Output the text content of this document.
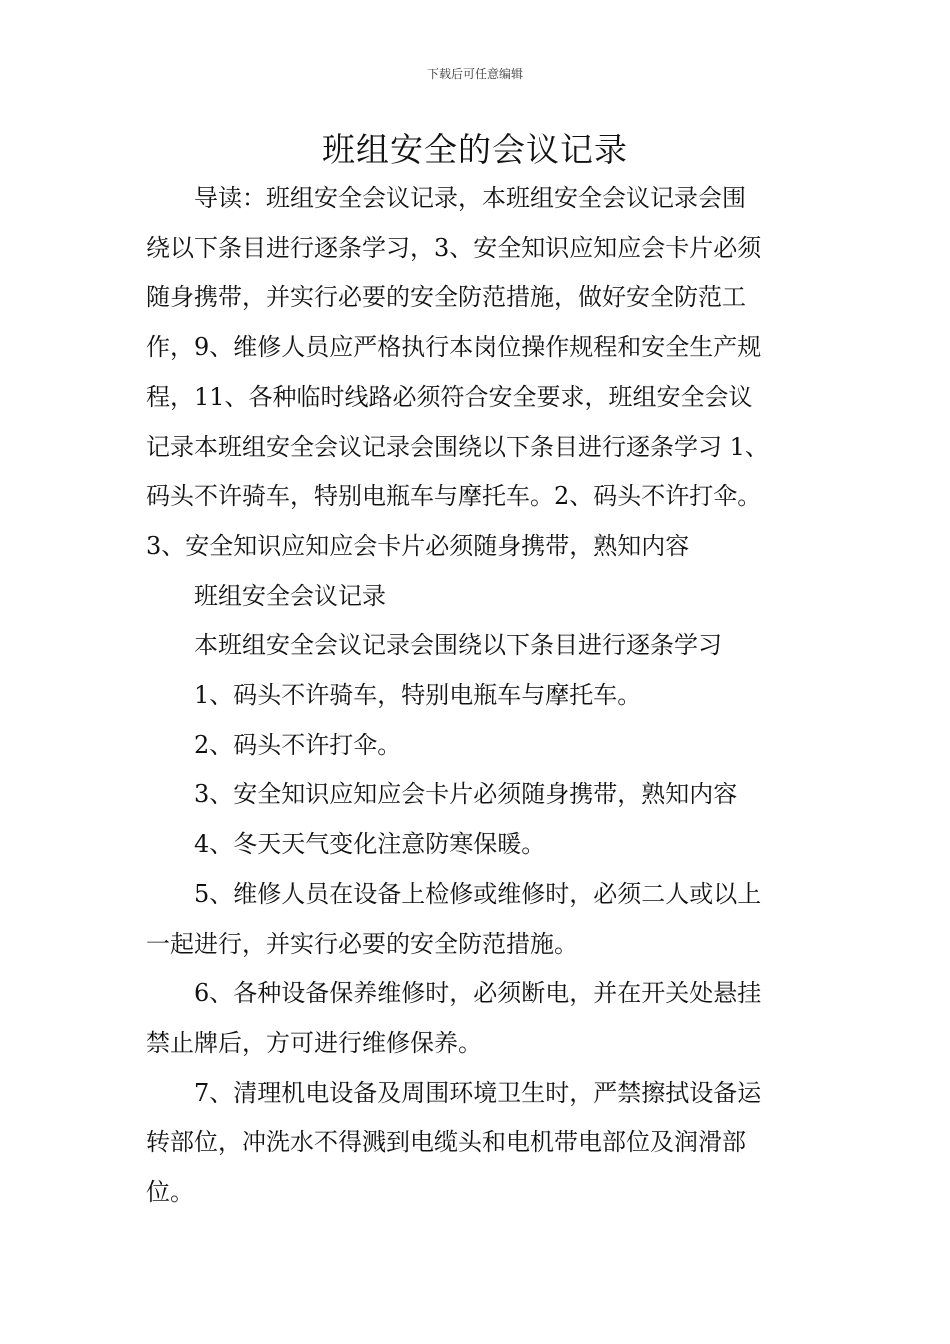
下载后可任意编辑
班组安全的会议记录
导读：班组安全会议记录，本班组安全会议记录会围
绕以下条目进行逐条学习，3、安全知识应知应会卡片必须
随身携带，并实行必要的安全防范措施，做好安全防范工
作，9、维修人员应严格执行本岗位操作规程和安全生产规
程，11、各种临时线路必须符合安全要求，班组安全会议
记录本班组安全会议记录会围绕以下条目进行逐条学习 1、
码头不许骑车，特别电瓶车与摩托车。2、码头不许打伞。
3、安全知识应知应会卡片必须随身携带，熟知内容

班组安全会议记录

本班组安全会议记录会围绕以下条目进行逐条学习

1、码头不许骑车，特别电瓶车与摩托车。

2、码头不许打伞。

3、安全知识应知应会卡片必须随身携带，熟知内容

4、冬天天气变化注意防寒保暖。

5、维修人员在设备上检修或维修时，必须二人或以上
一起进行，并实行必要的安全防范措施。
6、各种设备保养维修时，必须断电，并在开关处悬挂
禁止牌后，方可进行维修保养。
7、清理机电设备及周围环境卫生时，严禁擦拭设备运
转部位，冲洗水不得溅到电缆头和电机带电部位及润滑部
位。
